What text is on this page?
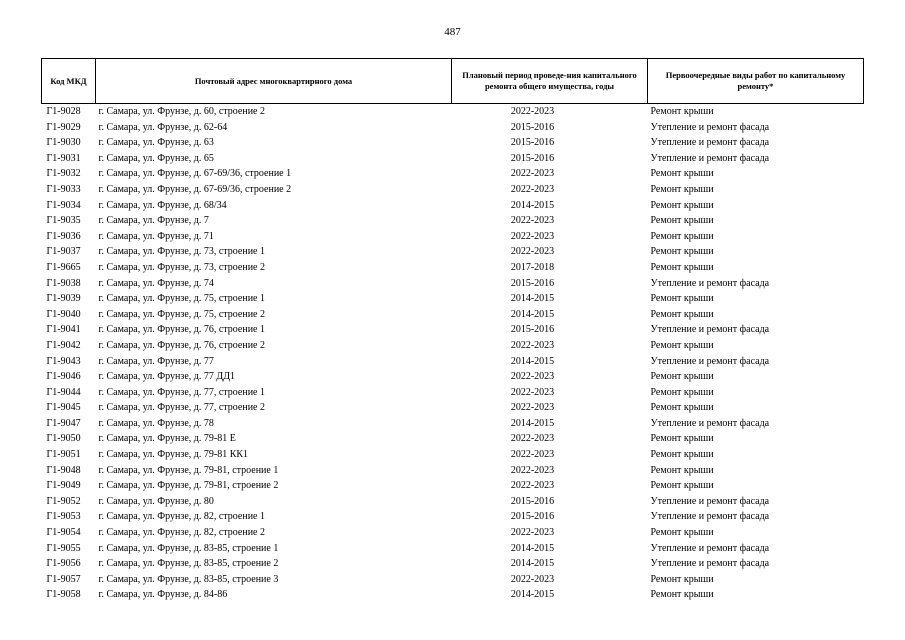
487
Код МКД	Почтовый адрес многоквартирного дома	Плановый период проведе-ния капитального ремонта общего имущества, годы	Первоочередные виды работ по капитальному ремонту*
Г1-9028	г. Самара, ул. Фрунзе, д. 60, строение 2	2022-2023	Ремонт крыши
Г1-9029	г. Самара, ул. Фрунзе, д. 62-64	2015-2016	Утепление и ремонт фасада
Г1-9030	г. Самара, ул. Фрунзе, д. 63	2015-2016	Утепление и ремонт фасада
Г1-9031	г. Самара, ул. Фрунзе, д. 65	2015-2016	Утепление и ремонт фасада
Г1-9032	г. Самара, ул. Фрунзе, д. 67-69/36, строение 1	2022-2023	Ремонт крыши
Г1-9033	г. Самара, ул. Фрунзе, д. 67-69/36, строение 2	2022-2023	Ремонт крыши
Г1-9034	г. Самара, ул. Фрунзе, д. 68/34	2014-2015	Ремонт крыши
Г1-9035	г. Самара, ул. Фрунзе, д. 7	2022-2023	Ремонт крыши
Г1-9036	г. Самара, ул. Фрунзе, д. 71	2022-2023	Ремонт крыши
Г1-9037	г. Самара, ул. Фрунзе, д. 73, строение 1	2022-2023	Ремонт крыши
Г1-9665	г. Самара, ул. Фрунзе, д. 73, строение 2	2017-2018	Ремонт крыши
Г1-9038	г. Самара, ул. Фрунзе, д. 74	2015-2016	Утепление и ремонт фасада
Г1-9039	г. Самара, ул. Фрунзе, д. 75, строение 1	2014-2015	Ремонт крыши
Г1-9040	г. Самара, ул. Фрунзе, д. 75, строение 2	2014-2015	Ремонт крыши
Г1-9041	г. Самара, ул. Фрунзе, д. 76, строение 1	2015-2016	Утепление и ремонт фасада
Г1-9042	г. Самара, ул. Фрунзе, д. 76, строение 2	2022-2023	Ремонт крыши
Г1-9043	г. Самара, ул. Фрунзе, д. 77	2014-2015	Утепление и ремонт фасада
Г1-9046	г. Самара, ул. Фрунзе, д. 77 ДД1	2022-2023	Ремонт крыши
Г1-9044	г. Самара, ул. Фрунзе, д. 77, строение 1	2022-2023	Ремонт крыши
Г1-9045	г. Самара, ул. Фрунзе, д. 77, строение 2	2022-2023	Ремонт крыши
Г1-9047	г. Самара, ул. Фрунзе, д. 78	2014-2015	Утепление и ремонт фасада
Г1-9050	г. Самара, ул. Фрунзе, д. 79-81 Е	2022-2023	Ремонт крыши
Г1-9051	г. Самара, ул. Фрунзе, д. 79-81 КК1	2022-2023	Ремонт крыши
Г1-9048	г. Самара, ул. Фрунзе, д. 79-81, строение 1	2022-2023	Ремонт крыши
Г1-9049	г. Самара, ул. Фрунзе, д. 79-81, строение 2	2022-2023	Ремонт крыши
Г1-9052	г. Самара, ул. Фрунзе, д. 80	2015-2016	Утепление и ремонт фасада
Г1-9053	г. Самара, ул. Фрунзе, д. 82, строение 1	2015-2016	Утепление и ремонт фасада
Г1-9054	г. Самара, ул. Фрунзе, д. 82, строение 2	2022-2023	Ремонт крыши
Г1-9055	г. Самара, ул. Фрунзе, д. 83-85, строение 1	2014-2015	Утепление и ремонт фасада
Г1-9056	г. Самара, ул. Фрунзе, д. 83-85, строение 2	2014-2015	Утепление и ремонт фасада
Г1-9057	г. Самара, ул. Фрунзе, д. 83-85, строение 3	2022-2023	Ремонт крыши
Г1-9058	г. Самара, ул. Фрунзе, д. 84-86	2014-2015	Ремонт крыши
